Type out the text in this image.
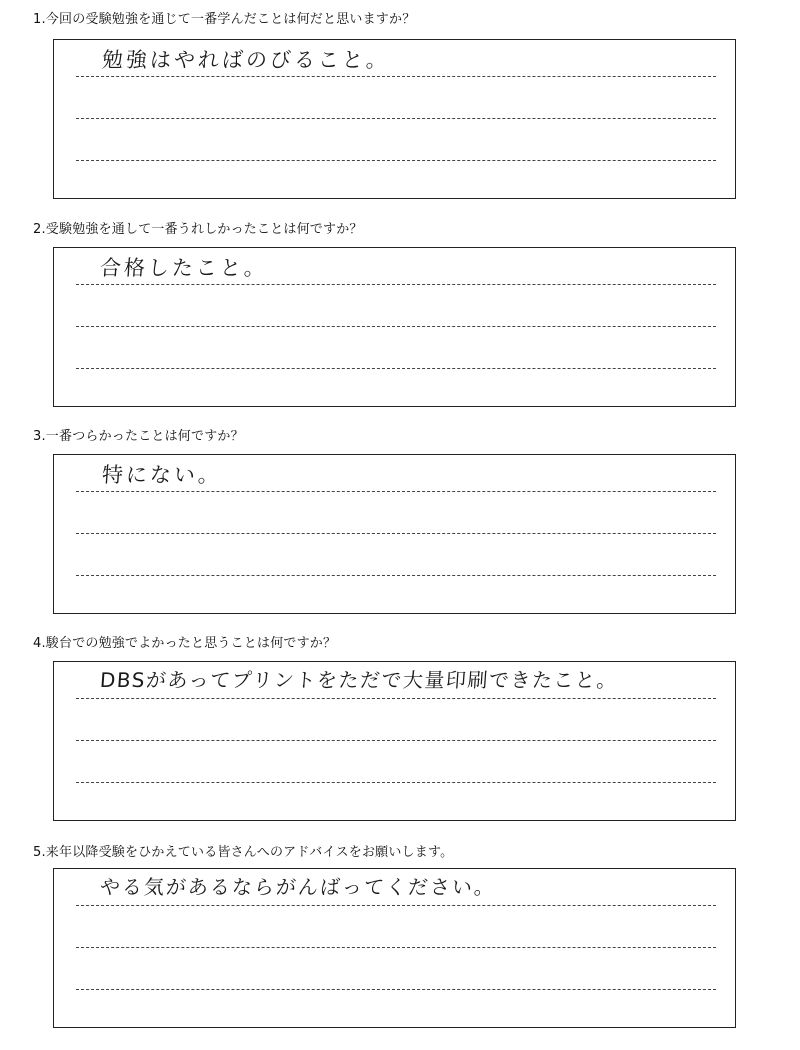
1.今回の受験勉強を通じて一番学んだことは何だと思いますか？
勉強はやればのびること。
2.受験勉強を通して一番うれしかったことは何ですか？
合格したこと。
3.一番つらかったことは何ですか？
特にない。
4.駿台での勉強でよかったと思うことは何ですか？
DBSがあってプリントをただで大量印刷できたこと。
5.来年以降受験をひかえている皆さんへのアドバイスをお願いします。
やる気があるならがんばってください。
